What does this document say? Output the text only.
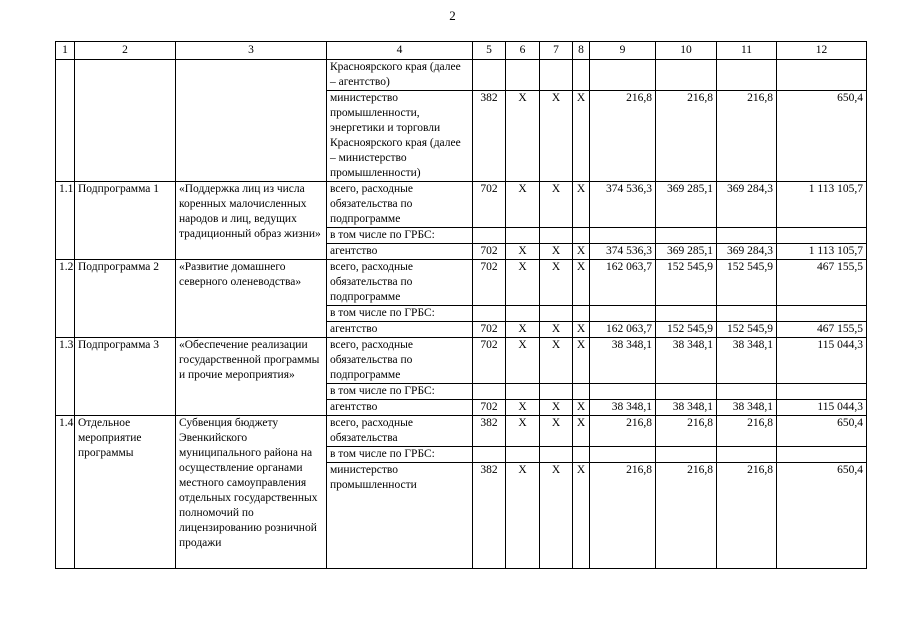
2
1	2	3	4	5	6	7	8	9	10	11	12
			Красноярского края (далее – агентство)								
			министерство промышленности, энергетики и торговли Красноярского края (далее – министерство промышленности)	382	X	X	X	216,8	216,8	216,8	650,4
1.1	Подпрограмма 1	«Поддержка лиц из числа коренных малочисленных народов и лиц, ведущих традиционный образ жизни»	всего, расходные обязательства по подпрограмме	702	X	X	X	374 536,3	369 285,1	369 284,3	1 113 105,7
			в том числе по ГРБС:								
			агентство	702	X	X	X	374 536,3	369 285,1	369 284,3	1 113 105,7
1.2	Подпрограмма 2	«Развитие домашнего северного оленеводства»	всего, расходные обязательства по подпрограмме	702	X	X	X	162 063,7	152 545,9	152 545,9	467 155,5
			в том числе по ГРБС:								
			агентство	702	X	X	X	162 063,7	152 545,9	152 545,9	467 155,5
1.3	Подпрограмма 3	«Обеспечение реализации государственной программы и прочие мероприятия»	всего, расходные обязательства по подпрограмме	702	X	X	X	38 348,1	38 348,1	38 348,1	115 044,3
			в том числе по ГРБС:								
			агентство	702	X	X	X	38 348,1	38 348,1	38 348,1	115 044,3
1.4	Отдельное мероприятие программы	Субвенция бюджету Эвенкийского муниципального района на осуществление органами местного самоуправления отдельных государственных полномочий по лицензированию розничной продажи	всего, расходные обязательства	382	X	X	X	216,8	216,8	216,8	650,4
			в том числе по ГРБС:								
			министерство промышленности	382	X	X	X	216,8	216,8	216,8	650,4
